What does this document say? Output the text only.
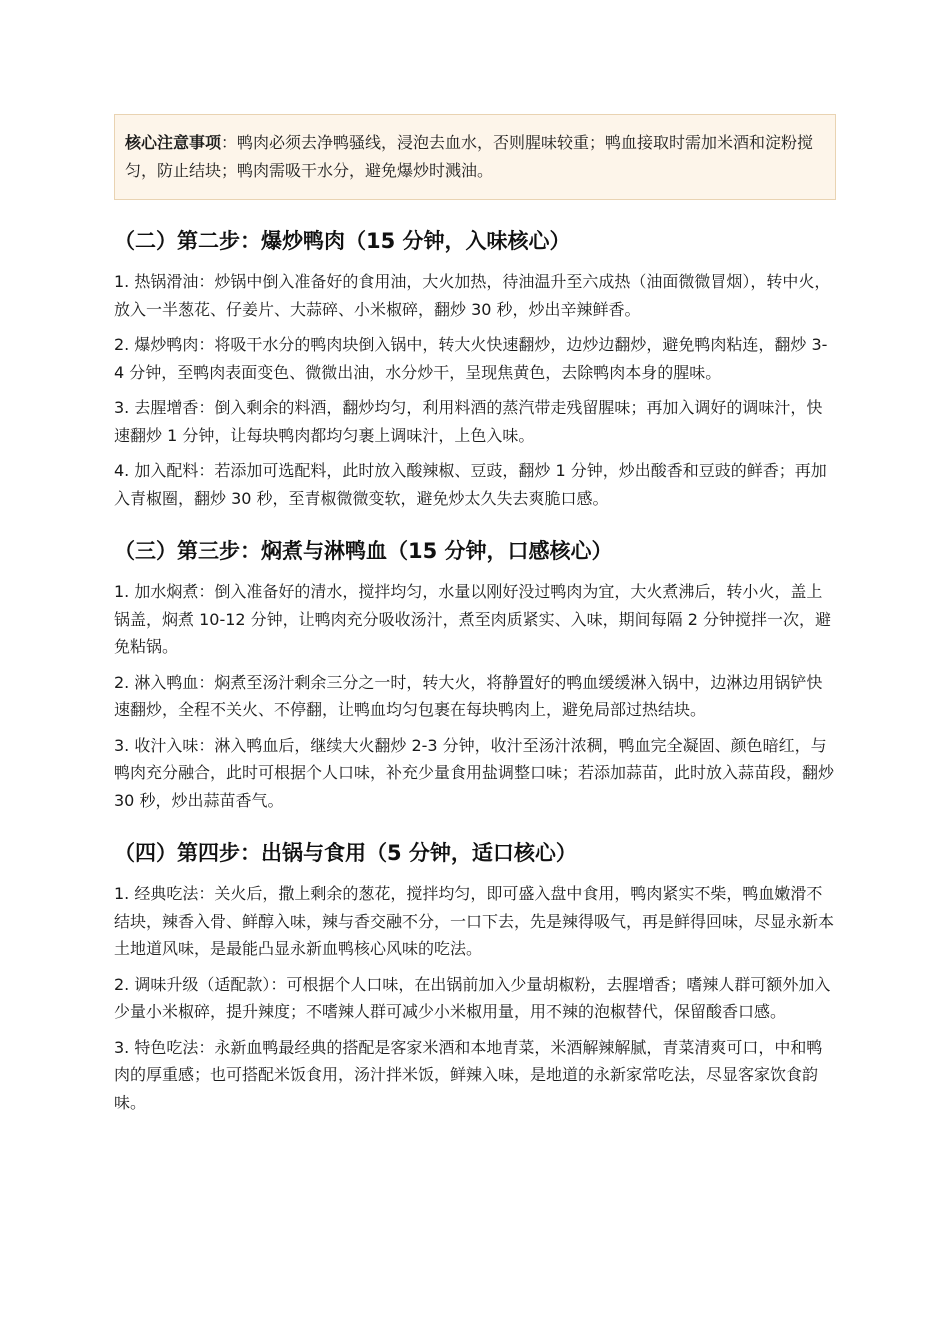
核心注意事项：鸭肉必须去净鸭骚线，浸泡去血水，否则腥味较重；鸭血接取时需加米酒和淀粉搅匀，防止结块；鸭肉需吸干水分，避免爆炒时溅油。
（二）第二步：爆炒鸭肉（15 分钟，入味核心）

1. 热锅滑油：炒锅中倒入准备好的食用油，大火加热，待油温升至六成热（油面微微冒烟），转中火，放入一半葱花、仔姜片、大蒜碎、小米椒碎，翻炒 30 秒，炒出辛辣鲜香。

2. 爆炒鸭肉：将吸干水分的鸭肉块倒入锅中，转大火快速翻炒，边炒边翻炒，避免鸭肉粘连，翻炒 3-4 分钟，至鸭肉表面变色、微微出油，水分炒干，呈现焦黄色，去除鸭肉本身的腥味。

3. 去腥增香：倒入剩余的料酒，翻炒均匀，利用料酒的蒸汽带走残留腥味；再加入调好的调味汁，快速翻炒 1 分钟，让每块鸭肉都均匀裹上调味汁，上色入味。

4. 加入配料：若添加可选配料，此时放入酸辣椒、豆豉，翻炒 1 分钟，炒出酸香和豆豉的鲜香；再加入青椒圈，翻炒 30 秒，至青椒微微变软，避免炒太久失去爽脆口感。

（三）第三步：焖煮与淋鸭血（15 分钟，口感核心）

1. 加水焖煮：倒入准备好的清水，搅拌均匀，水量以刚好没过鸭肉为宜，大火煮沸后，转小火，盖上锅盖，焖煮 10-12 分钟，让鸭肉充分吸收汤汁，煮至肉质紧实、入味，期间每隔 2 分钟搅拌一次，避免粘锅。

2. 淋入鸭血：焖煮至汤汁剩余三分之一时，转大火，将静置好的鸭血缓缓淋入锅中，边淋边用锅铲快速翻炒，全程不关火、不停翻，让鸭血均匀包裹在每块鸭肉上，避免局部过热结块。

3. 收汁入味：淋入鸭血后，继续大火翻炒 2-3 分钟，收汁至汤汁浓稠，鸭血完全凝固、颜色暗红，与鸭肉充分融合，此时可根据个人口味，补充少量食用盐调整口味；若添加蒜苗，此时放入蒜苗段，翻炒 30 秒，炒出蒜苗香气。

（四）第四步：出锅与食用（5 分钟，适口核心）

1. 经典吃法：关火后，撒上剩余的葱花，搅拌均匀，即可盛入盘中食用，鸭肉紧实不柴，鸭血嫩滑不结块，辣香入骨、鲜醇入味，辣与香交融不分，一口下去，先是辣得吸气，再是鲜得回味，尽显永新本土地道风味，是最能凸显永新血鸭核心风味的吃法。

2. 调味升级（适配款）：可根据个人口味，在出锅前加入少量胡椒粉，去腥增香；嗜辣人群可额外加入少量小米椒碎，提升辣度；不嗜辣人群可减少小米椒用量，用不辣的泡椒替代，保留酸香口感。

3. 特色吃法：永新血鸭最经典的搭配是客家米酒和本地青菜，米酒解辣解腻，青菜清爽可口，中和鸭肉的厚重感；也可搭配米饭食用，汤汁拌米饭，鲜辣入味，是地道的永新家常吃法，尽显客家饮食韵味。
